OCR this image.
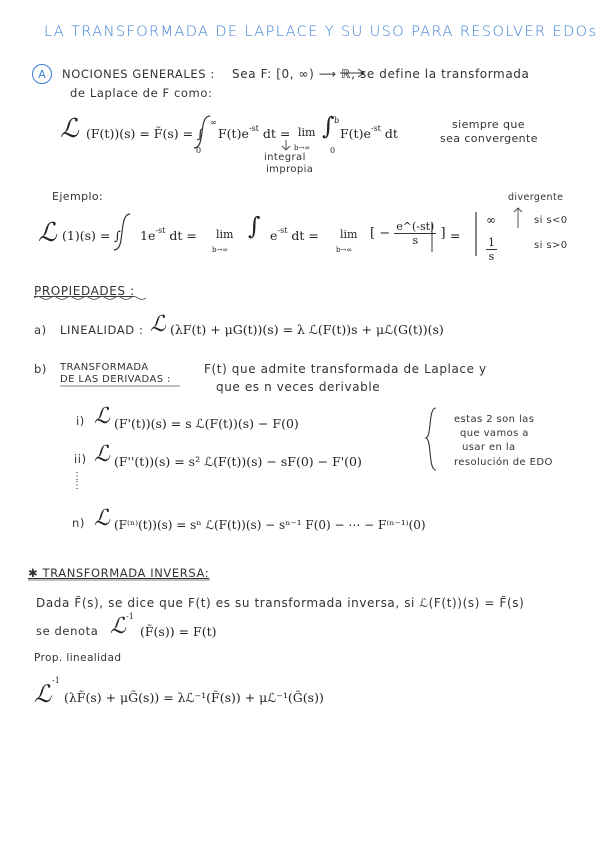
LA TRANSFORMADA DE LAPLACE Y SU USO PARA RESOLVER EDOs
A	NOCIONES GENERALES : Sea F: [0, ∞) ⟶ ℝ, se define la transformada
de Laplace de F como:
ℒ (F(t))(s) = F̃(s) = ∫
∞
0
$F(t)e^{-st}$ dt = lim
b→∞
∫ b
0
$F(t)e^{-st}$ dt
integral
impropia
siempre que
sea convergente
Ejemplo:	divergente
ℒ (1)(s) = ∫ $1e^{-st}$ dt = lim
b→∞
∫ $e^{-st}$ dt = lim
b→∞
[ − $\frac{e\^{}(-st)}{s}$ ] =
∞	si s<0
$\frac{1}{s}$	si s>0
PROPIEDADES :
a) LINEALIDAD : ℒ (λF(t) + μG(t))(s) = λ ℒ(F(t))s + μℒ(G(t))(s)
b) TRANSFORMADA
DE LAS DERIVADAS :
F(t) que admite transformada de Laplace y
que es n veces derivable
i) ℒ (F'(t))(s) = s ℒ(F(t))(s) − F(0)
ii) ℒ (F''(t))(s) = s² ℒ(F(t))(s) − sF(0) − F'(0)
estas 2 son las
que vamos a
usar en la
resolución de EDO
⋮
⋮
n) ℒ (F⁽ⁿ⁾(t))(s) = sⁿ ℒ(F(t))(s) − sⁿ⁻¹ F(0) − ⋯ − F⁽ⁿ⁻¹⁾(0)
✱ TRANSFORMADA INVERSA:
Dada F̃(s), se dice que F(t) es su transformada inversa, si ℒ(F(t))(s) = F̃(s)
se denota ℒ -1
(F̃(s)) = F(t)
Prop. linealidad
ℒ -1
(λF̃(s) + μG̃(s)) = λℒ⁻¹(F̃(s)) + μℒ⁻¹(G̃(s))
